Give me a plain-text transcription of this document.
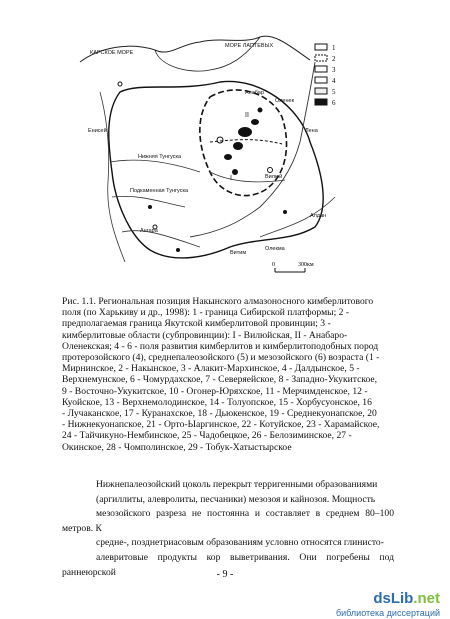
1
2
3
4
5
6
0	300км
КАРСКОЕ МОРЕ
МОРЕ ЛАПТЕВЫХ
Лена
Вилюй
Алдан
Енисей
Нижняя Тунгуска
Подкаменная Тунгуска
Ангара
Анабар
Оленек
Витим
Олекма
I
II
Рис. 1.1. Региональная позиция Накынского алмазоносного кимберлитового
поля (по Харькиву и др., 1998): 1 - граница Сибирской платформы; 2 -
предполагаемая граница Якутской кимберлитовой провинции; 3 -
кимберлитовые области (субпровинции): I - Вилюйская, II - Анабаро-
Оленекская; 4 - 6 - поля развития кимберлитов и кимберлитоподобных пород
протерозойского (4), среднепалеозойского (5) и мезозойского (6) возраста (1 -
Мирнинское, 2 - Накынское, 3 - Алакит-Мархинское, 4 - Далдынское, 5 -
Верхнемунское, 6 - Чомурдахское, 7 - Северяейское, 8 - Западно-Укукитское,
9 - Восточно-Укукитское, 10 - Огонер-Юряхское, 11 - Мерчимденское, 12 -
Куойское, 13 - Верхнемолодинское, 14 - Толуопское, 15 - Хорбусуонское, 16
- Лучаканское, 17 - Куранахское, 18 - Дьюкенское, 19 - Среднекуонапское, 20
- Нижнекуонапское, 21 - Орто-Ыаргинское, 22 - Котуйское, 23 - Харамайское,
24 - Тайчикуно-Нембинское, 25 - Чадобецкое, 26 - Белозиминское, 27 -
Окинское, 28 - Чомполинское, 29 - Тобук-Хатыстырское
Нижнепалеозойский цоколь перекрыт терригенными образованиями
(аргиллиты, алевролиты, песчаники) мезозоя и кайнозоя. Мощность
мезозойского разреза не постоянна и составляет в среднем 80–100 метров. К
средне-, позднетриасовым образованиям условно относятся глинисто-
алевритовые продукты кор выветривания. Они погребены под раннеюрской	- 9 -
dsLib.net
библиотека диссертаций
